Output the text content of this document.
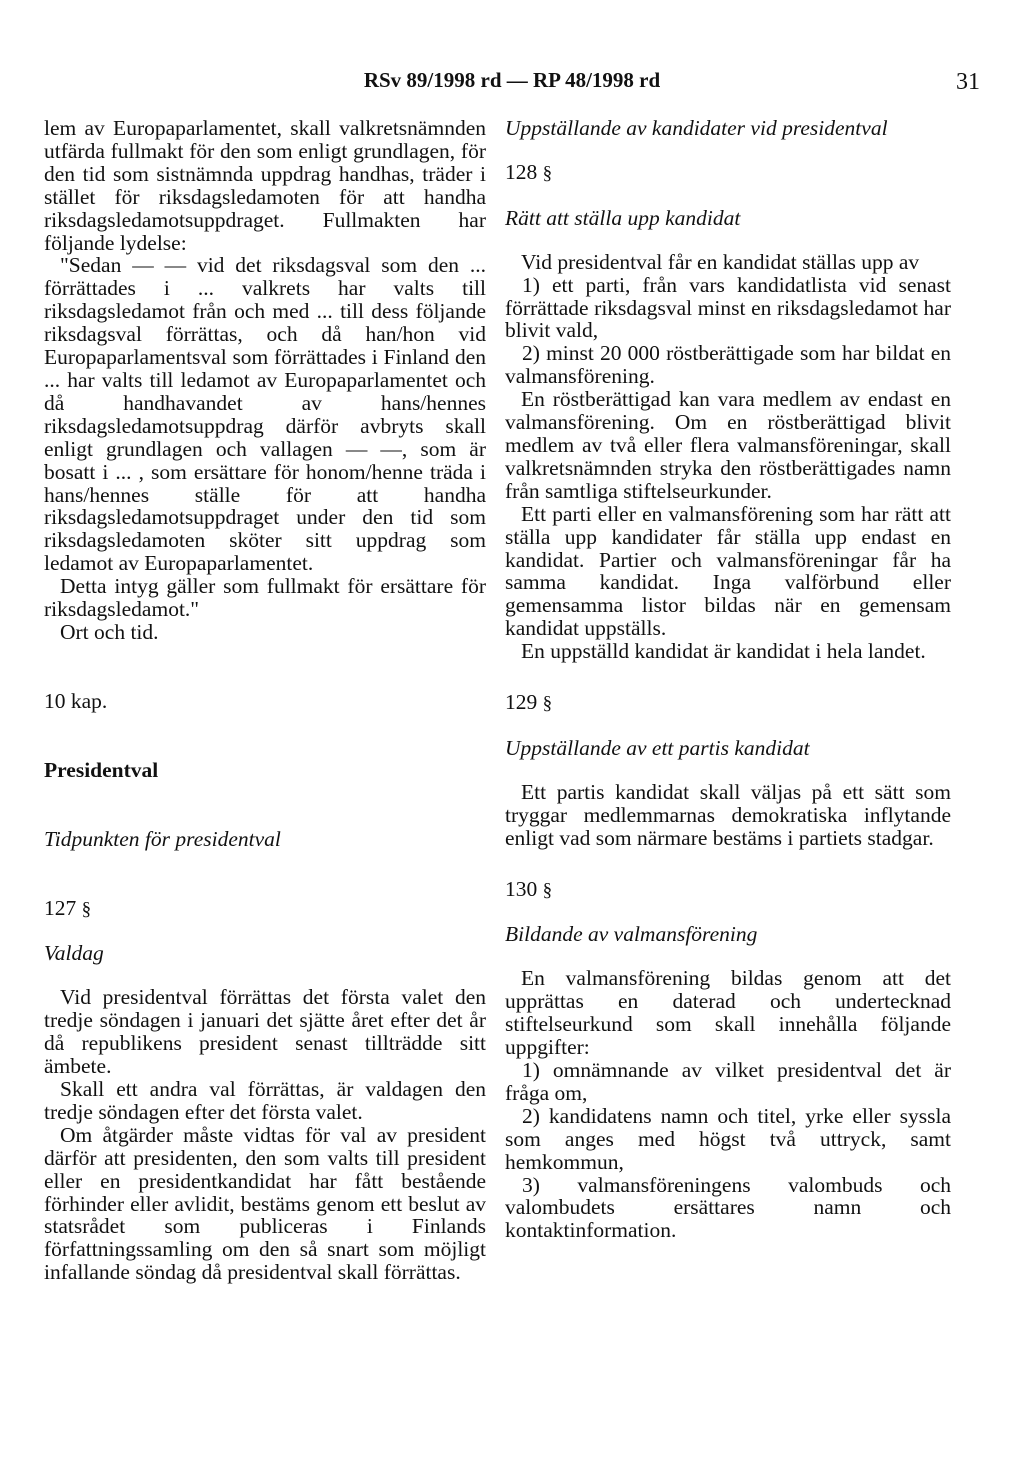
RSv 89/1998 rd — RP 48/1998 rd	31

lem av Europaparlamentet, skall valkretsnämnden utfärda fullmakt för den som enligt grundlagen, för den tid som sistnämnda uppdrag handhas, träder i stället för riksdagsledamoten för att handha riksdagsledamotsuppdraget. Fullmakten har följande lydelse:

"Sedan — — vid det riksdagsval som den ... förrättades i ... valkrets har valts till riksdagsledamot från och med ... till dess följande riksdagsval förrättas, och då han/hon vid Europaparlamentsval som förrättades i Finland den ... har valts till ledamot av Europaparlamentet och då handhavandet av hans/hennes riksdagsledamotsuppdrag därför avbryts skall enligt grundlagen och vallagen — —, som är bosatt i ... , som ersättare för honom/henne träda i hans/hennes ställe för att handha riksdagsledamotsuppdraget under den tid som riksdagsledamoten sköter sitt uppdrag som ledamot av Europaparlamentet.

Detta intyg gäller som fullmakt för ersättare för riksdagsledamot."

Ort och tid.

10 kap.

Presidentval

Tidpunkten för presidentval

127 §

Valdag

Vid presidentval förrättas det första valet den tredje söndagen i januari det sjätte året efter det år då republikens president senast tillträdde sitt ämbete.

Skall ett andra val förrättas, är valdagen den tredje söndagen efter det första valet.

Om åtgärder måste vidtas för val av president därför att presidenten, den som valts till president eller en presidentkandidat har fått bestående förhinder eller avlidit, bestäms genom ett beslut av statsrådet som publiceras i Finlands författningssamling om den så snart som möjligt infallande söndag då presidentval skall förrättas.

Uppställande av kandidater vid presidentval

128 §

Rätt att ställa upp kandidat

Vid presidentval får en kandidat ställas upp av

1) ett parti, från vars kandidatlista vid senast förrättade riksdagsval minst en riksdagsledamot har blivit vald,

2) minst 20 000 röstberättigade som har bildat en valmansförening.

En röstberättigad kan vara medlem av endast en valmansförening. Om en röstberättigad blivit medlem av två eller flera valmansföreningar, skall valkretsnämnden stryka den röstberättigades namn från samtliga stiftelseurkunder.

Ett parti eller en valmansförening som har rätt att ställa upp kandidater får ställa upp endast en kandidat. Partier och valmansföreningar får ha samma kandidat. Inga valförbund eller gemensamma listor bildas när en gemensam kandidat uppställs.

En uppställd kandidat är kandidat i hela landet.

129 §

Uppställande av ett partis kandidat

Ett partis kandidat skall väljas på ett sätt som tryggar medlemmarnas demokratiska inflytande enligt vad som närmare bestäms i partiets stadgar.

130 §

Bildande av valmansförening

En valmansförening bildas genom att det upprättas en daterad och undertecknad stiftelseurkund som skall innehålla följande uppgifter:

1) omnämnande av vilket presidentval det är fråga om,

2) kandidatens namn och titel, yrke eller syssla som anges med högst två uttryck, samt hemkommun,

3) valmansföreningens valombuds och valombudets ersättares namn och kontaktinformation.
